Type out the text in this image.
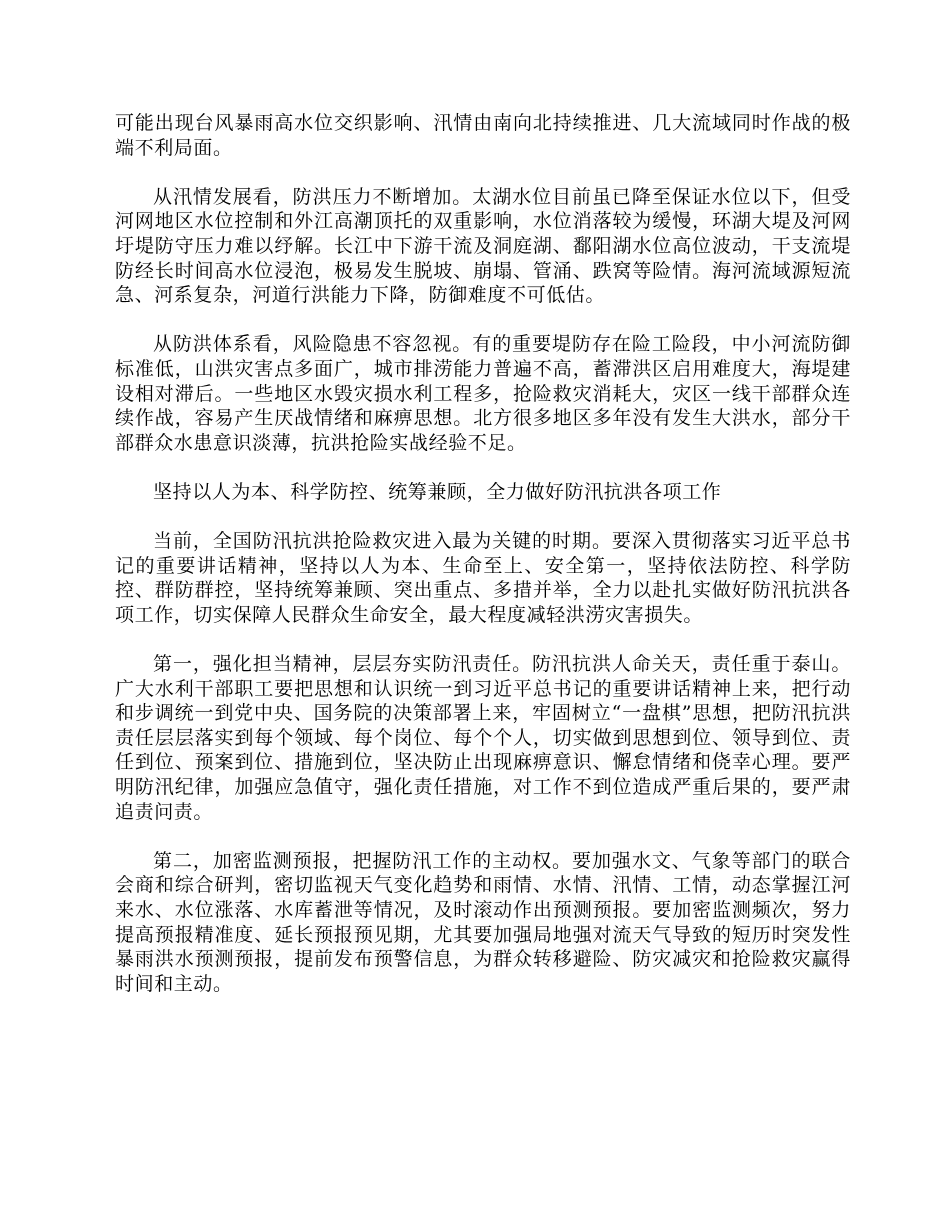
可能出现台风暴雨高水位交织影响、汛情由南向北持续推进、几大流域同时作战的极端不利局面。

从汛情发展看，防洪压力不断增加。太湖水位目前虽已降至保证水位以下，但受河网地区水位控制和外江高潮顶托的双重影响，水位消落较为缓慢，环湖大堤及河网圩堤防守压力难以纾解。长江中下游干流及洞庭湖、鄱阳湖水位高位波动，干支流堤防经长时间高水位浸泡，极易发生脱坡、崩塌、管涌、跌窝等险情。海河流域源短流急、河系复杂，河道行洪能力下降，防御难度不可低估。

从防洪体系看，风险隐患不容忽视。有的重要堤防存在险工险段，中小河流防御标准低，山洪灾害点多面广，城市排涝能力普遍不高，蓄滞洪区启用难度大，海堤建设相对滞后。一些地区水毁灾损水利工程多，抢险救灾消耗大，灾区一线干部群众连续作战，容易产生厌战情绪和麻痹思想。北方很多地区多年没有发生大洪水，部分干部群众水患意识淡薄，抗洪抢险实战经验不足。

坚持以人为本、科学防控、统筹兼顾，全力做好防汛抗洪各项工作

当前，全国防汛抗洪抢险救灾进入最为关键的时期。要深入贯彻落实习近平总书记的重要讲话精神，坚持以人为本、生命至上、安全第一，坚持依法防控、科学防控、群防群控，坚持统筹兼顾、突出重点、多措并举，全力以赴扎实做好防汛抗洪各项工作，切实保障人民群众生命安全，最大程度减轻洪涝灾害损失。

第一，强化担当精神，层层夯实防汛责任。防汛抗洪人命关天，责任重于泰山。广大水利干部职工要把思想和认识统一到习近平总书记的重要讲话精神上来，把行动和步调统一到党中央、国务院的决策部署上来，牢固树立“一盘棋”思想，把防汛抗洪责任层层落实到每个领域、每个岗位、每个个人，切实做到思想到位、领导到位、责任到位、预案到位、措施到位，坚决防止出现麻痹意识、懈怠情绪和侥幸心理。要严明防汛纪律，加强应急值守，强化责任措施，对工作不到位造成严重后果的，要严肃追责问责。

第二，加密监测预报，把握防汛工作的主动权。要加强水文、气象等部门的联合会商和综合研判，密切监视天气变化趋势和雨情、水情、汛情、工情，动态掌握江河来水、水位涨落、水库蓄泄等情况，及时滚动作出预测预报。要加密监测频次，努力提高预报精准度、延长预报预见期，尤其要加强局地强对流天气导致的短历时突发性暴雨洪水预测预报，提前发布预警信息，为群众转移避险、防灾减灾和抢险救灾赢得时间和主动。
